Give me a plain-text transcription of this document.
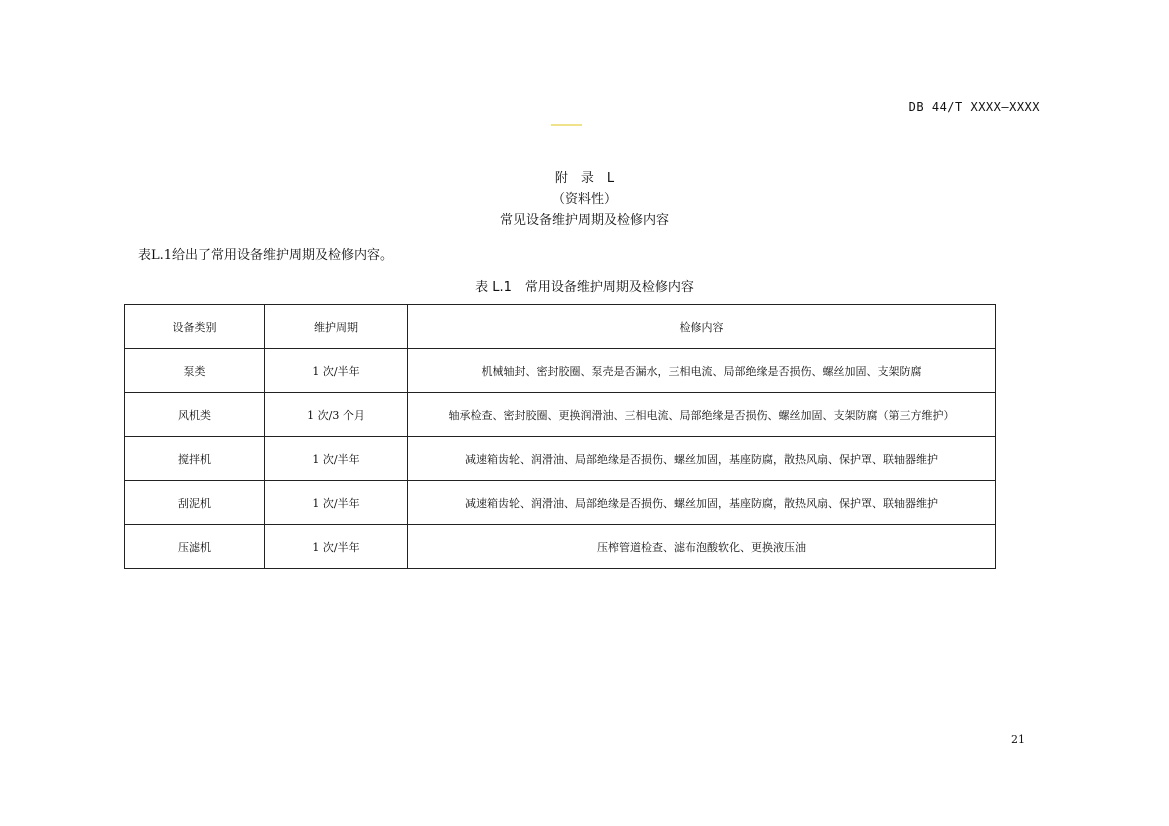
DB 44/T XXXX—XXXX
附　录　L
（资料性）
常见设备维护周期及检修内容
表L.1给出了常用设备维护周期及检修内容。
表 L.1　常用设备维护周期及检修内容
设备类别	维护周期	检修内容
泵类	1 次/半年	机械轴封、密封胶圈、泵壳是否漏水，三相电流、局部绝缘是否损伤、螺丝加固、支架防腐
风机类	1 次/3 个月	轴承检查、密封胶圈、更换润滑油、三相电流、局部绝缘是否损伤、螺丝加固、支架防腐（第三方维护）
搅拌机	1 次/半年	减速箱齿轮、润滑油、局部绝缘是否损伤、螺丝加固，基座防腐，散热风扇、保护罩、联轴器维护
刮泥机	1 次/半年	减速箱齿轮、润滑油、局部绝缘是否损伤、螺丝加固，基座防腐，散热风扇、保护罩、联轴器维护
压滤机	1 次/半年	压榨管道检查、滤布泡酸软化、更换液压油
21
